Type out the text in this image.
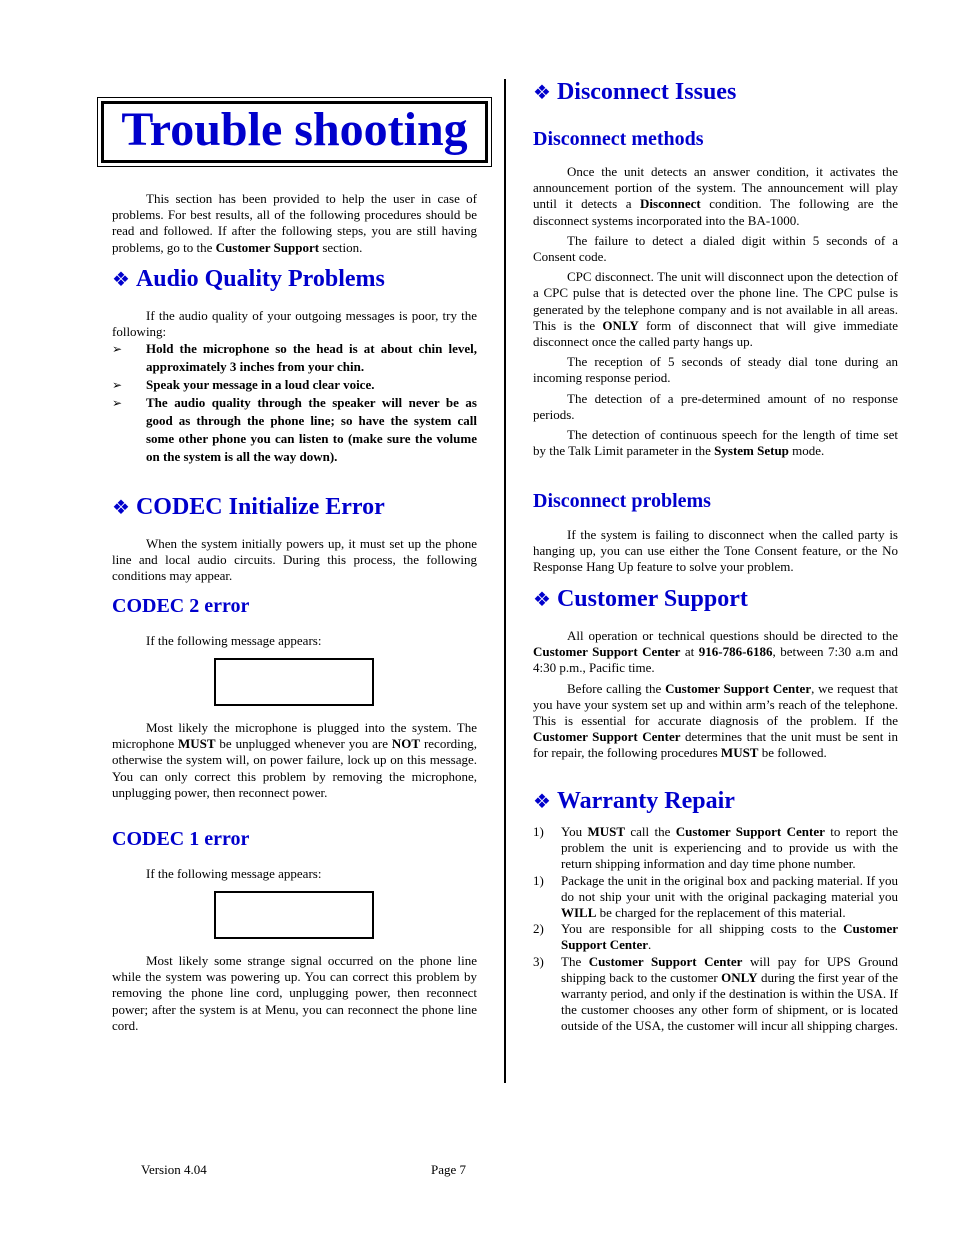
Trouble shooting

This section has been provided to help the user in case of problems. For best results, all of the following procedures should be read and followed. If after the following steps, you are still having problems, go to the Customer Support section.

❖ Audio Quality Problems

If the audio quality of your outgoing messages is poor, try the following:

➢ Hold the microphone so the head is at about chin level, approximately 3 inches from your chin.
➢ Speak your message in a loud clear voice.
➢ The audio quality through the speaker will never be as good as through the phone line; so have the system call some other phone you can listen to (make sure the volume on the system is all the way down).
❖ CODEC Initialize Error

When the system initially powers up, it must set up the phone line and local audio circuits. During this process, the following conditions may appear.

CODEC 2 error

If the following message appears:

Most likely the microphone is plugged into the system. The microphone MUST be unplugged whenever you are NOT recording, otherwise the system will, on power failure, lock up on this message. You can only correct this problem by removing the microphone, unplugging power, then reconnect power.

CODEC 1 error

If the following message appears:

Most likely some strange signal occurred on the phone line while the system was powering up. You can correct this problem by removing the phone line cord, unplugging power, then reconnect power; after the system is at Menu, you can reconnect the phone line cord.

❖ Disconnect Issues
Disconnect methods

Once the unit detects an answer condition, it activates the announcement portion of the system. The announcement will play until it detects a Disconnect condition. The following are the disconnect systems incorporated into the BA-1000.

The failure to detect a dialed digit within 5 seconds of a Consent code.

CPC disconnect. The unit will disconnect upon the detection of a CPC pulse that is detected over the phone line. The CPC pulse is generated by the telephone company and is not available in all areas. This is the ONLY form of disconnect that will give immediate disconnect once the called party hangs up.

The reception of 5 seconds of steady dial tone during an incoming response period.

The detection of a pre-determined amount of no response periods.

The detection of continuous speech for the length of time set by the Talk Limit parameter in the System Setup mode.

Disconnect problems

If the system is failing to disconnect when the called party is hanging up, you can use either the Tone Consent feature, or the No Response Hang Up feature to solve your problem.

❖ Customer Support

All operation or technical questions should be directed to the Customer Support Center at 916-786-6186, between 7:30 a.m and 4:30 p.m., Pacific time.

Before calling the Customer Support Center, we request that you have your system set up and within arm’s reach of the telephone. This is essential for accurate diagnosis of the problem. If the Customer Support Center determines that the unit must be sent in for repair, the following procedures MUST be followed.

❖ Warranty Repair
1) You MUST call the Customer Support Center to report the problem the unit is experiencing and to provide us with the return shipping information and day time phone number.
1) Package the unit in the original box and packing material. If you do not ship your unit with the original packaging material you WILL be charged for the replacement of this material.
2) You are responsible for all shipping costs to the Customer Support Center.
3) The Customer Support Center will pay for UPS Ground shipping back to the customer ONLY during the first year of the warranty period, and only if the destination is within the USA. If the customer chooses any other form of shipment, or is located outside of the USA, the customer will incur all shipping charges.
Version 4.04	Page 7
